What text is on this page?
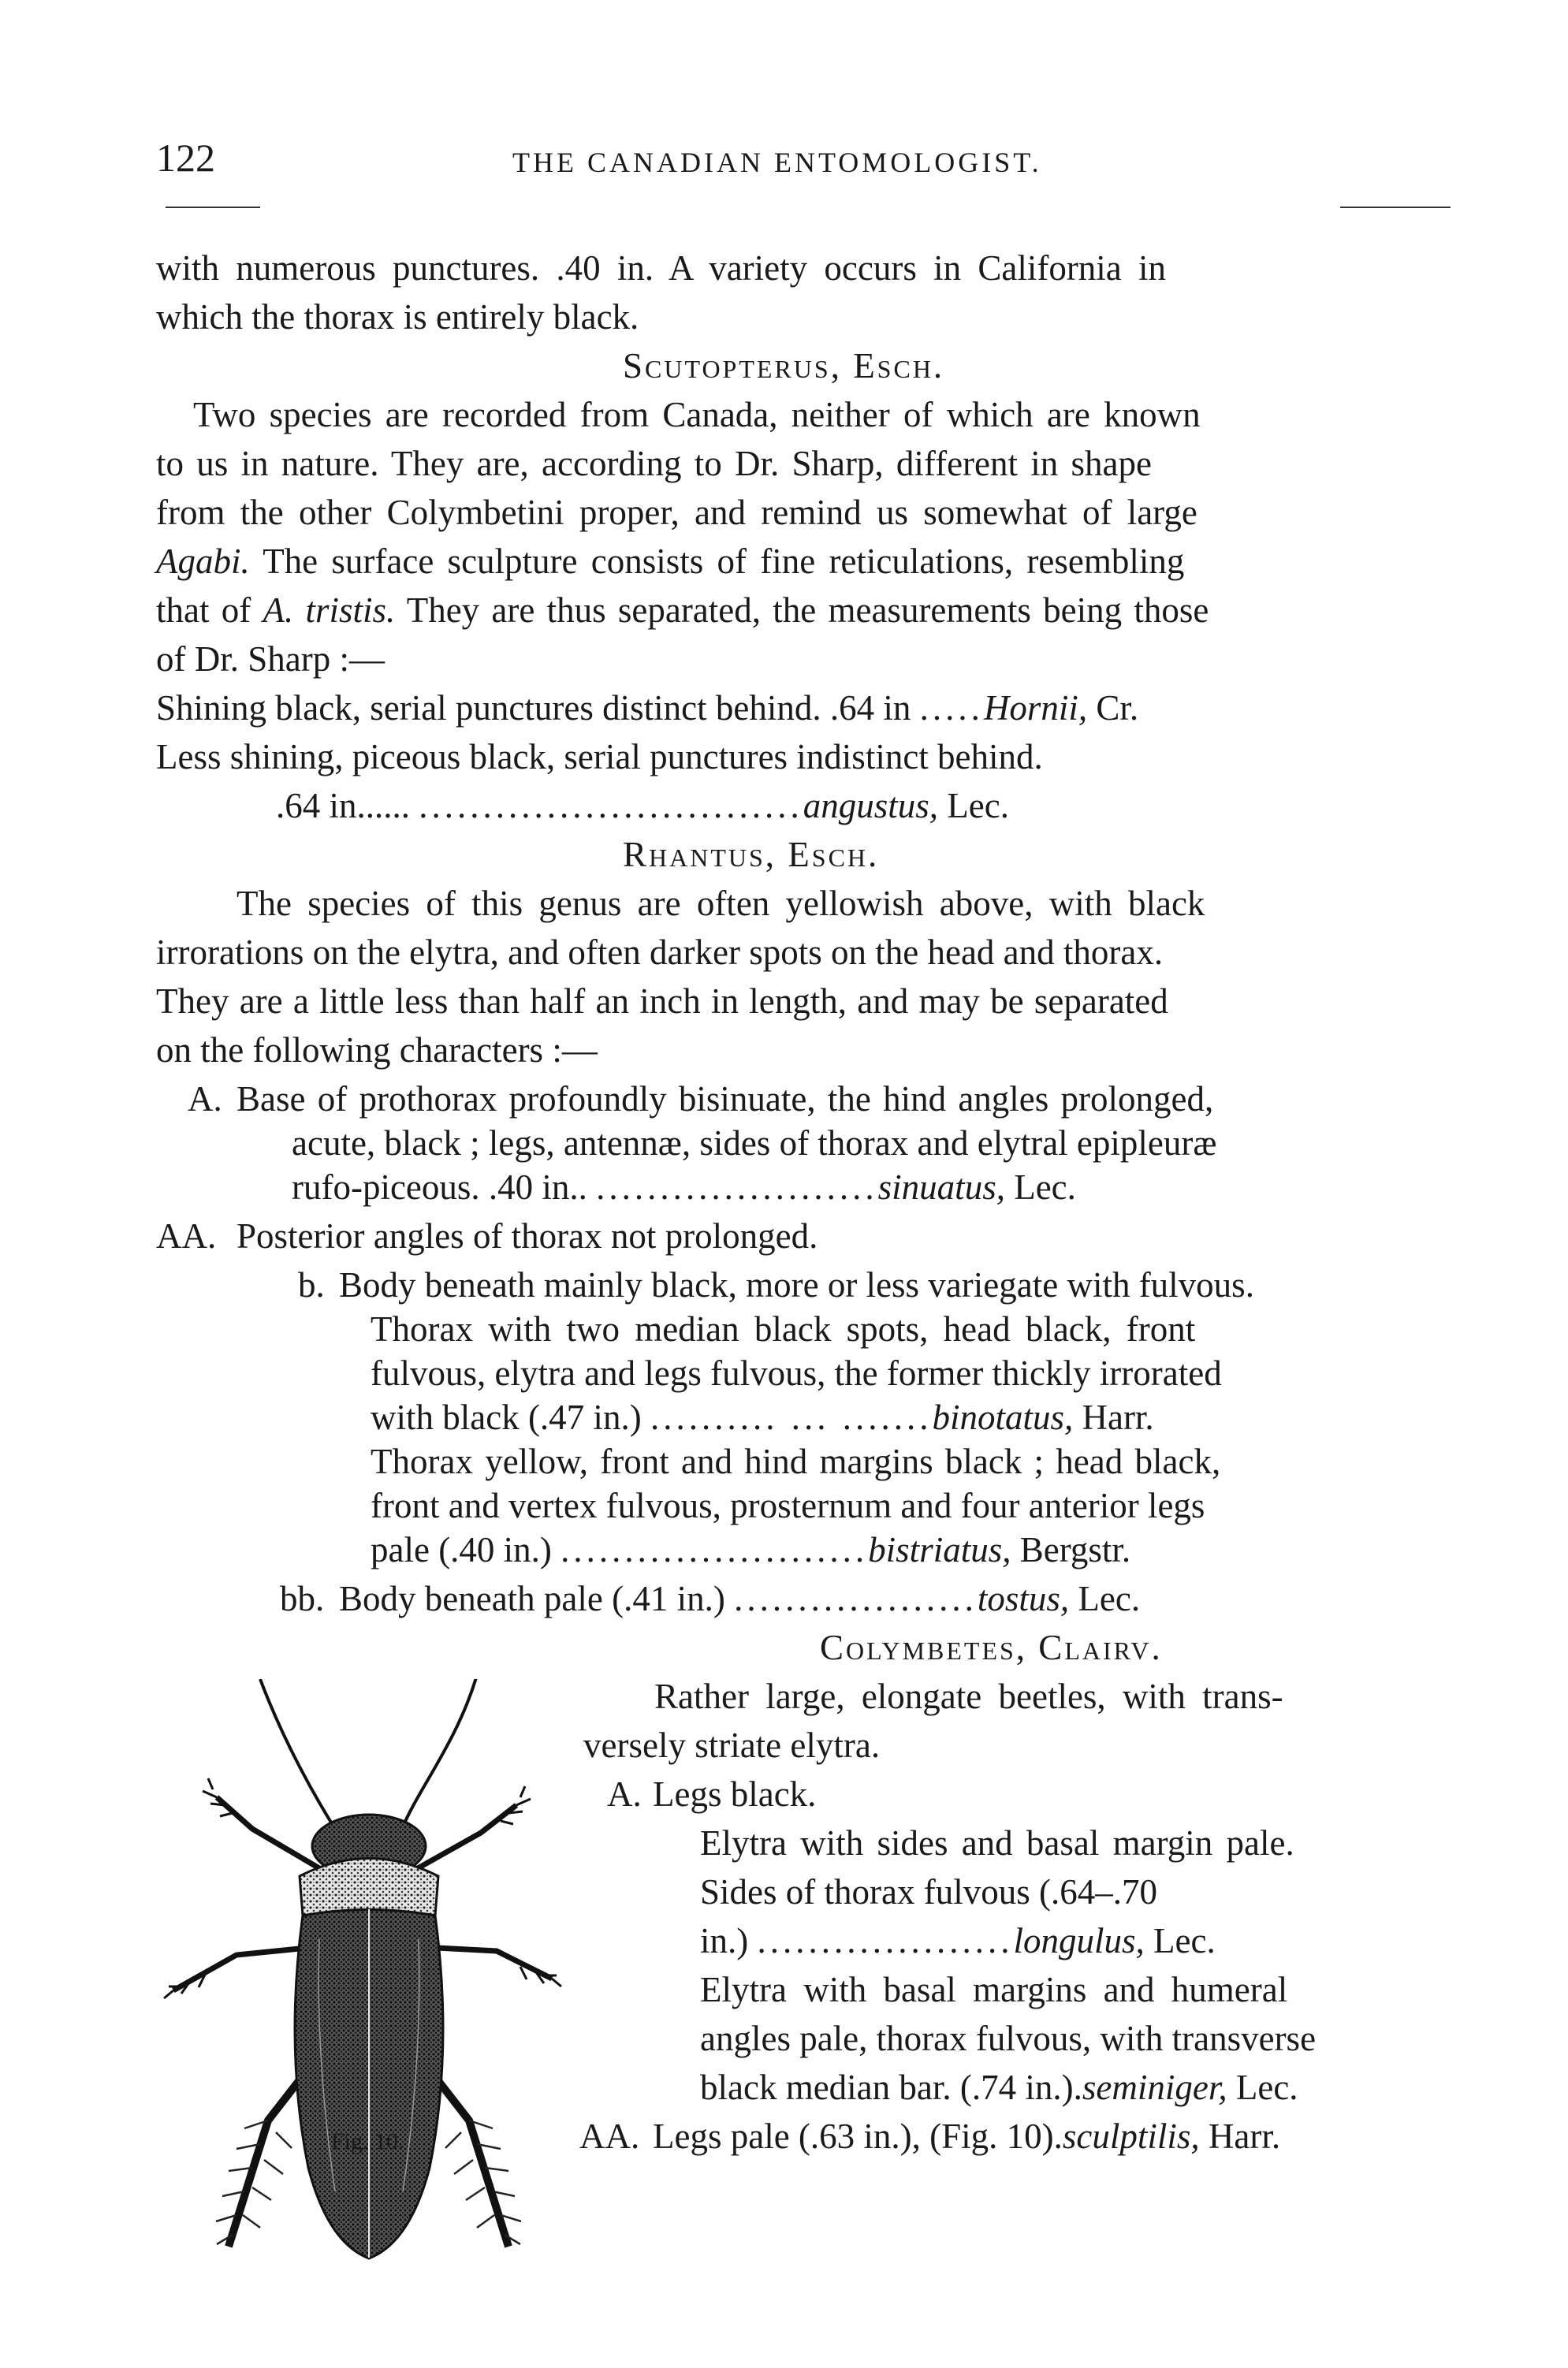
122	THE CANADIAN ENTOMOLOGIST.
with numerous punctures. .40 in. A variety occurs in California in
which the thorax is entirely black.
Scutopterus, Esch.
Two species are recorded from Canada, neither of which are known
to us in nature. They are, according to Dr. Sharp, different in shape
from the other Colymbetini proper, and remind us somewhat of large
Agabi. The surface sculpture consists of fine reticulations, resembling
that of A. tristis. They are thus separated, the measurements being those
of Dr. Sharp :—
Shining black, serial punctures distinct behind. .64 in .....Hornii, Cr.
Less shining, piceous black, serial punctures indistinct behind.
.64 in...... ..............................angustus, Lec.
Rhantus, Esch.
The species of this genus are often yellowish above, with black
irrorations on the elytra, and often darker spots on the head and thorax.
They are a little less than half an inch in length, and may be separated
on the following characters :—
A. Base of prothorax profoundly bisinuate, the hind angles prolonged,
acute, black ; legs, antennæ, sides of thorax and elytral epipleuræ
rufo-piceous. .40 in.. ......................sinuatus, Lec.
AA. Posterior angles of thorax not prolonged.
b. Body beneath mainly black, more or less variegate with fulvous.
Thorax with two median black spots, head black, front
fulvous, elytra and legs fulvous, the former thickly irrorated
with black (.47 in.) .......... ... .......binotatus, Harr.
Thorax yellow, front and hind margins black ; head black,
front and vertex fulvous, prosternum and four anterior legs
pale (.40 in.) ........................bistriatus, Bergstr.
bb. Body beneath pale (.41 in.) ...................tostus, Lec.
Colymbetes, Clairv.
Rather large, elongate beetles, with trans-
versely striate elytra.
A. Legs black.
Elytra with sides and basal margin pale.
Sides of thorax fulvous (.64–.70
in.) ....................longulus, Lec.
Elytra with basal margins and humeral
angles pale, thorax fulvous, with transverse
black median bar. (.74 in.).seminiger, Lec.
AA. Legs pale (.63 in.), (Fig. 10).sculptilis, Harr.
Fig. 10.
